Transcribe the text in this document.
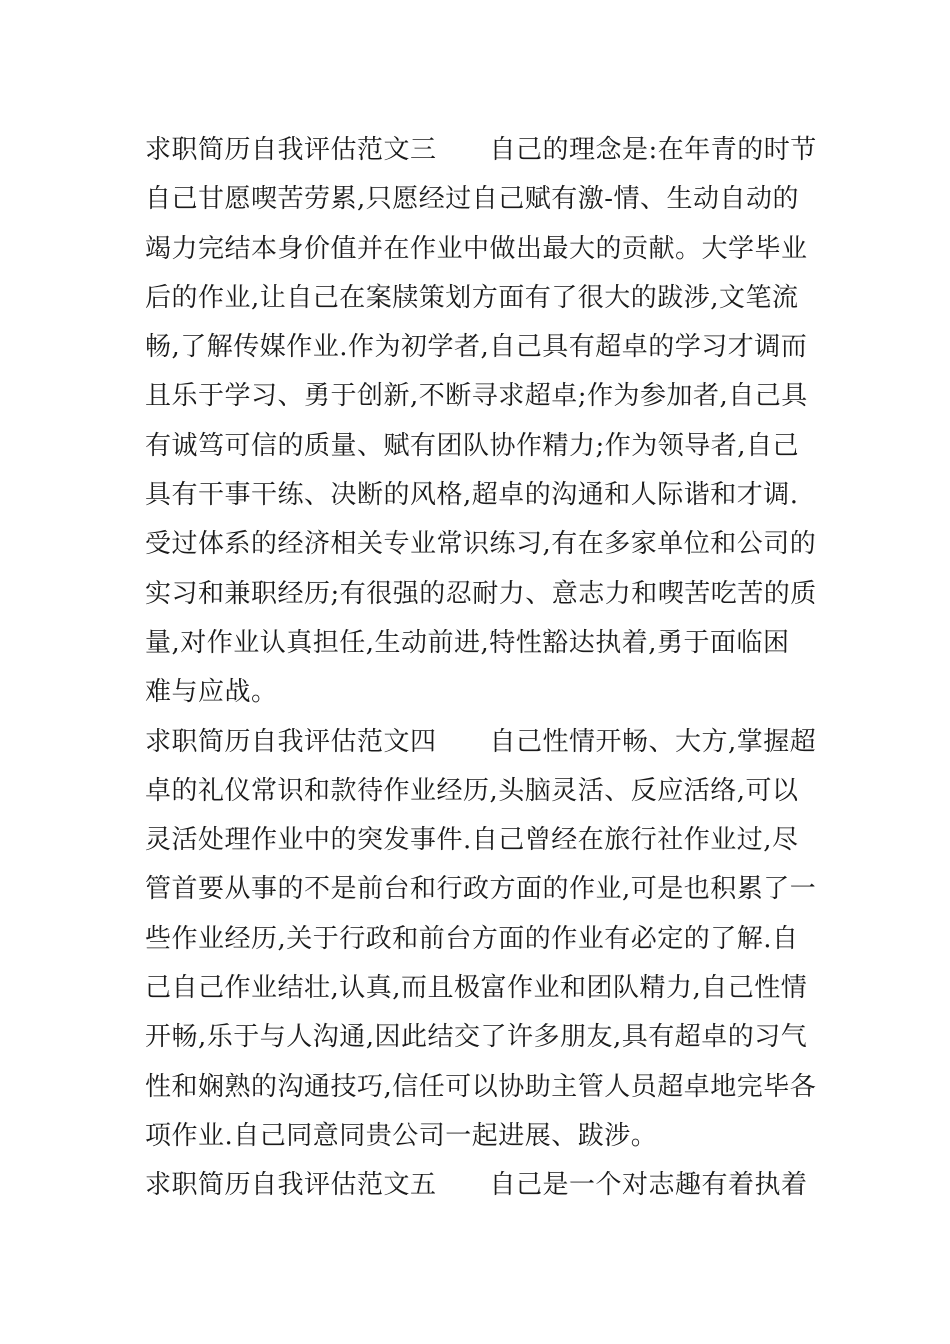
求职简历自我评估范文三　　自己的理念是:在年青的时节
自己甘愿喫苦劳累,只愿经过自己赋有激-情、生动自动的
竭力完结本身价值并在作业中做出最大的贡献。大学毕业
后的作业,让自己在案牍策划方面有了很大的跋涉,文笔流
畅,了解传媒作业.作为初学者,自己具有超卓的学习才调而
且乐于学习、勇于创新,不断寻求超卓;作为参加者,自己具
有诚笃可信的质量、赋有团队协作精力;作为领导者,自己
具有干事干练、决断的风格,超卓的沟通和人际谐和才调.
受过体系的经济相关专业常识练习,有在多家单位和公司的
实习和兼职经历;有很强的忍耐力、意志力和喫苦吃苦的质
量,对作业认真担任,生动前进,特性豁达执着,勇于面临困
难与应战。
求职简历自我评估范文四　　自己性情开畅、大方,掌握超
卓的礼仪常识和款待作业经历,头脑灵活、反应活络,可以
灵活处理作业中的突发事件.自己曾经在旅行社作业过,尽
管首要从事的不是前台和行政方面的作业,可是也积累了一
些作业经历,关于行政和前台方面的作业有必定的了解.自
己自己作业结壮,认真,而且极富作业和团队精力,自己性情
开畅,乐于与人沟通,因此结交了许多朋友,具有超卓的习气
性和娴熟的沟通技巧,信任可以协助主管人员超卓地完毕各
项作业.自己同意同贵公司一起进展、跋涉。
求职简历自我评估范文五　　自己是一个对志趣有着执着
